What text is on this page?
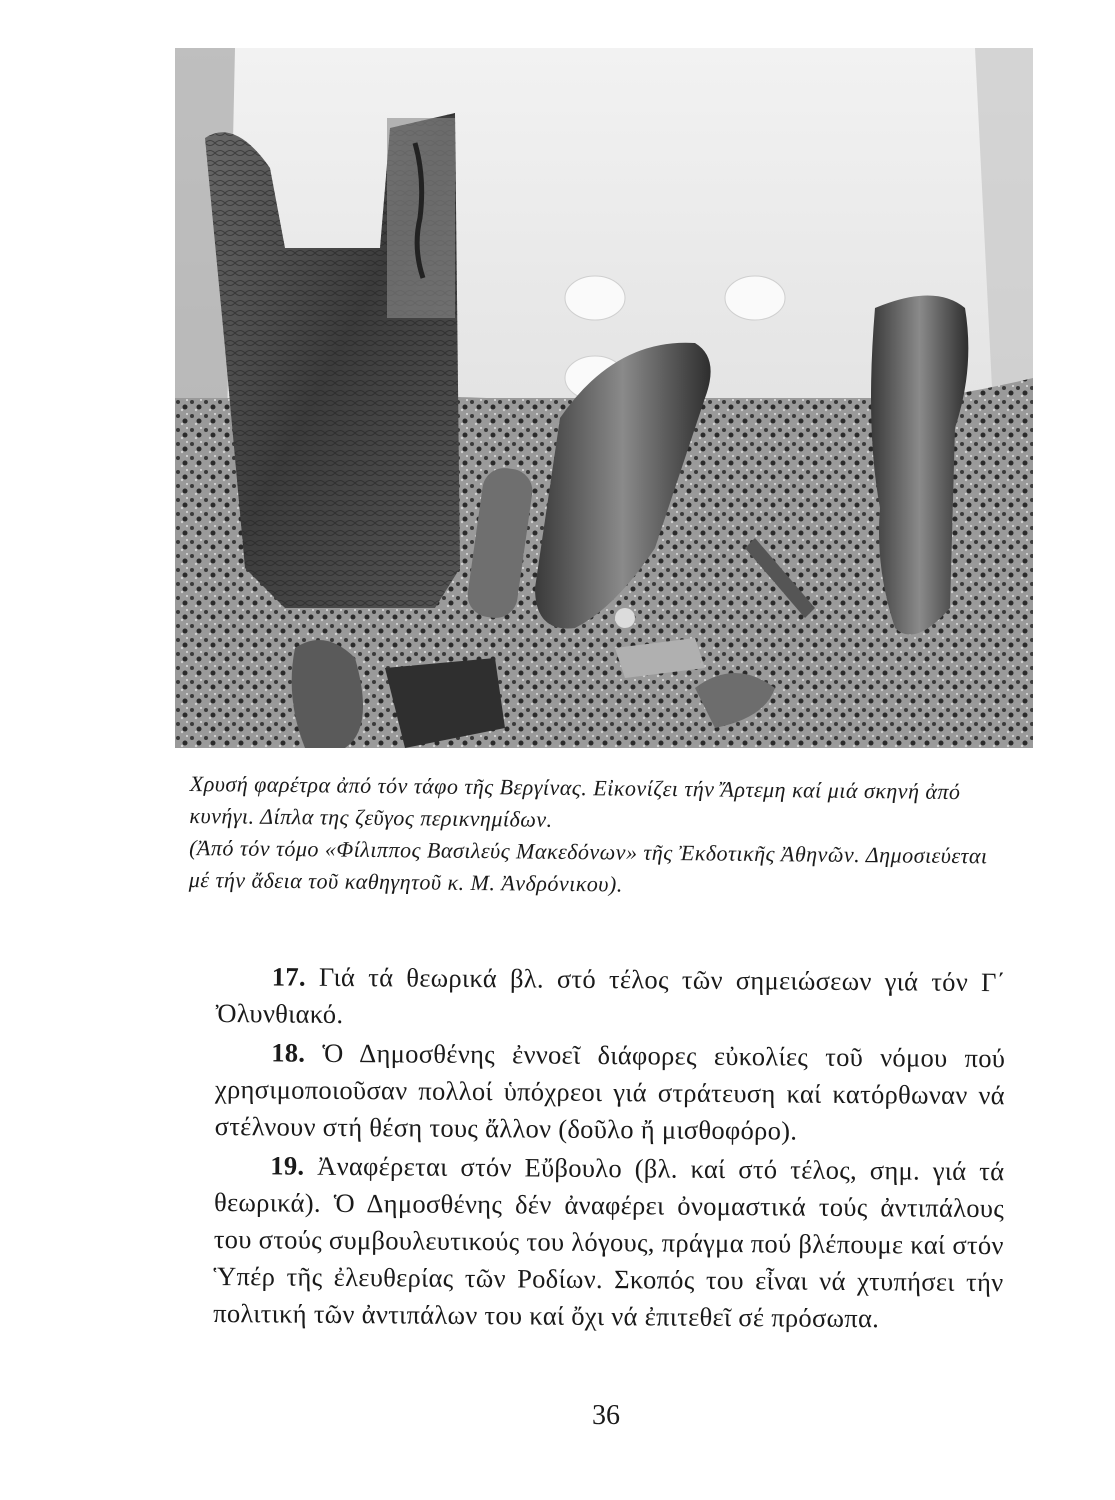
Χρυσή φαρέτρα ἀπό τόν τάφο τῆς Βεργίνας. Εἰκονίζει τήν Ἄρτεμη καί μιά σκηνή ἀπό κυνήγι. Δίπλα της ζεῦγος περικνημίδων.

(Ἀπό τόν τόμο «Φίλιππος Βασιλεύς Μακεδόνων» τῆς Ἐκδοτικῆς Ἀθηνῶν. Δημοσιεύεται μέ τήν ἄδεια τοῦ καθηγητοῦ κ. Μ. Ἀνδρόνικου).

17. Γιά τά θεωρικά βλ. στό τέλος τῶν σημειώσεων γιά τόν Γ΄ Ὀλυνθιακό.

18. Ὁ Δημοσθένης ἐννοεῖ διάφορες εὐκολίες τοῦ νόμου πού χρησιμοποιοῦσαν πολλοί ὑπόχρεοι γιά στράτευση καί κατόρθωναν νά στέλνουν στή θέση τους ἄλλον (δοῦλο ἤ μισθοφόρο).

19. Ἀναφέρεται στόν Εὔβουλο (βλ. καί στό τέλος, σημ. γιά τά θεωρικά). Ὁ Δημοσθένης δέν ἀναφέρει ὀνομαστικά τούς ἀντιπάλους του στούς συμβουλευτικούς του λόγους, πράγμα πού βλέπουμε καί στόν Ὑπέρ τῆς ἐλευθερίας τῶν Ροδίων. Σκοπός του εἶναι νά χτυπήσει τήν πολιτική τῶν ἀντιπάλων του καί ὄχι νά ἐπιτεθεῖ σέ πρόσωπα.

36
